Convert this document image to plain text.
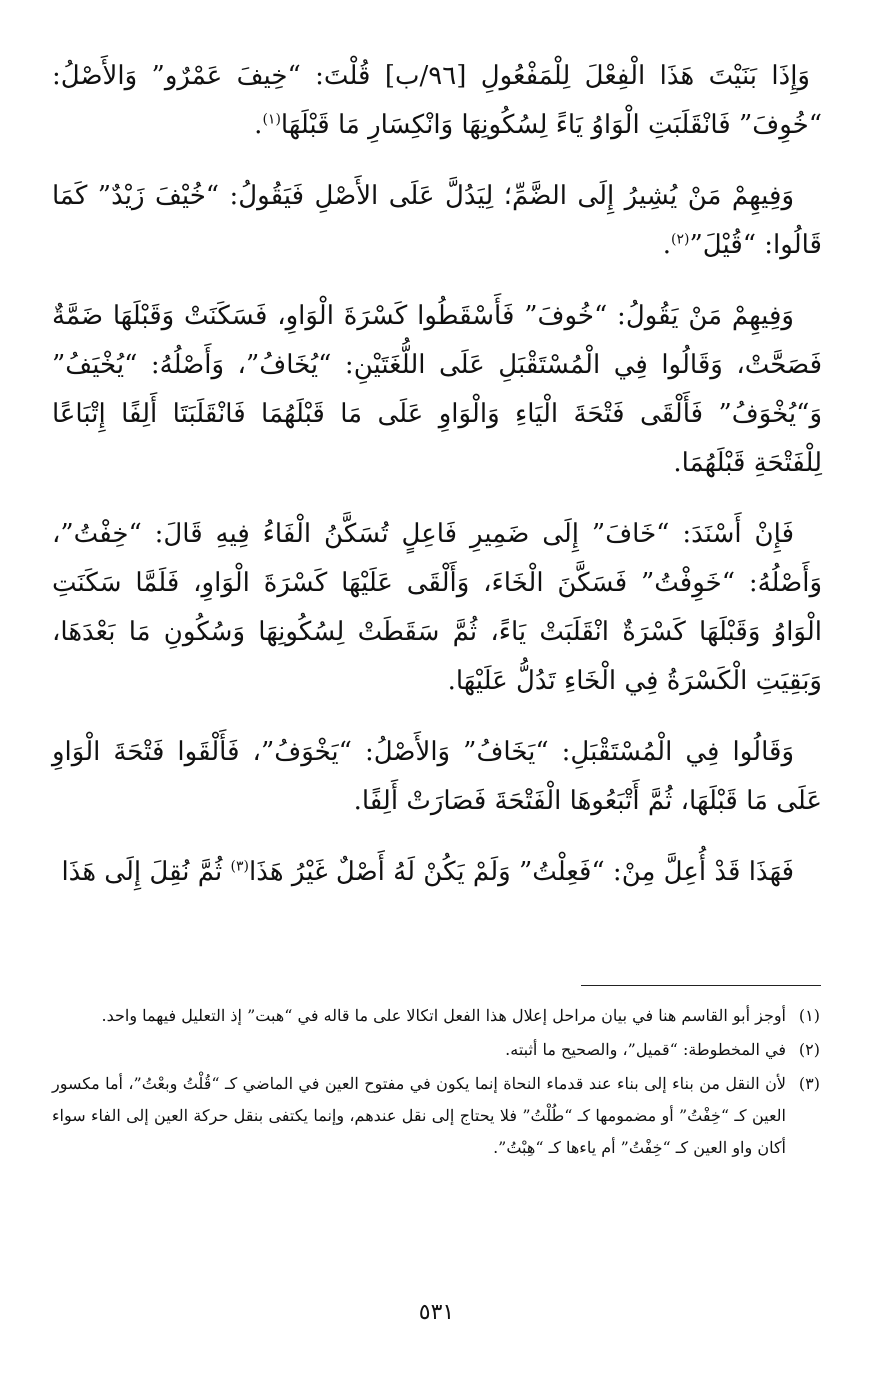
وَإِذَا بَنَيْتَ هَذَا الْفِعْلَ لِلْمَفْعُولِ [٩٦/ب] قُلْتَ: “خِيفَ عَمْرٌو” وَالأَصْلُ: “خُوِفَ” فَانْقَلَبَتِ الْوَاوُ يَاءً لِسُكُونِهَا وَانْكِسَارِ مَا قَبْلَهَا$^{(١)}$.

وَفِيهِمْ مَنْ يُشِيرُ إِلَى الضَّمِّ؛ لِيَدُلَّ عَلَى الأَصْلِ فَيَقُولُ: “خُيْفَ زَيْدٌ” كَمَا قَالُوا: “قُيْلَ”$^{(٢)}$.

وَفِيهِمْ مَنْ يَقُولُ: “خُوفَ” فَأَسْقَطُوا كَسْرَةَ الْوَاوِ، فَسَكَنَتْ وَقَبْلَهَا ضَمَّةٌ فَصَحَّتْ، وَقَالُوا فِي الْمُسْتَقْبَلِ عَلَى اللُّغَتَيْنِ: “يُخَافُ”، وَأَصْلُهُ: “يُخْيَفُ” وَ“يُخْوَفُ” فَأَلْقَى فَتْحَةَ الْيَاءِ وَالْوَاوِ عَلَى مَا قَبْلَهُمَا فَانْقَلَبَتَا أَلِفًا إِتْبَاعًا لِلْفَتْحَةِ قَبْلَهُمَا.

فَإِنْ أَسْنَدَ: “خَافَ” إِلَى ضَمِيرِ فَاعِلٍ تُسَكَّنُ الْفَاءُ فِيهِ قَالَ: “خِفْتُ”، وَأَصْلُهُ: “خَوِفْتُ” فَسَكَّنَ الْخَاءَ، وَأَلْقَى عَلَيْهَا كَسْرَةَ الْوَاوِ، فَلَمَّا سَكَنَتِ الْوَاوُ وَقَبْلَهَا كَسْرَةٌ انْقَلَبَتْ يَاءً، ثُمَّ سَقَطَتْ لِسُكُونِهَا وَسُكُونِ مَا بَعْدَهَا، وَبَقِيَتِ الْكَسْرَةُ فِي الْخَاءِ تَدُلُّ عَلَيْهَا.

وَقَالُوا فِي الْمُسْتَقْبَلِ: “يَخَافُ” وَالأَصْلُ: “يَخْوَفُ”، فَأَلْقَوا فَتْحَةَ الْوَاوِ عَلَى مَا قَبْلَهَا، ثُمَّ أَتْبَعُوهَا الْفَتْحَةَ فَصَارَتْ أَلِفًا.

فَهَذَا قَدْ أُعِلَّ مِنْ: “فَعِلْتُ” وَلَمْ يَكُنْ لَهُ أَصْلٌ غَيْرُ هَذَا$^{(٣)}$ ثُمَّ نُقِلَ إِلَى هَذَا

(١)أوجز أبو القاسم هنا في بيان مراحل إعلال هذا الفعل اتكالا على ما قاله في “هبت” إذ التعليل فيهما واحد.

(٢)في المخطوطة: “قميل”، والصحيح ما أثبته.

(٣)لأن النقل من بناء إلى بناء عند قدماء النحاة إنما يكون في مفتوح العين في الماضي كـ “قُلْتُ وبعْتُ”، أما مكسور العين كـ “خِفْتُ” أو مضمومها كـ “طُلْتُ” فلا يحتاج إلى نقل عندهم، وإنما يكتفى بنقل حركة العين إلى الفاء سواء أكان واو العين كـ “خِفْتُ” أم ياءها كـ “هِبْتُ”.

٥٣١
